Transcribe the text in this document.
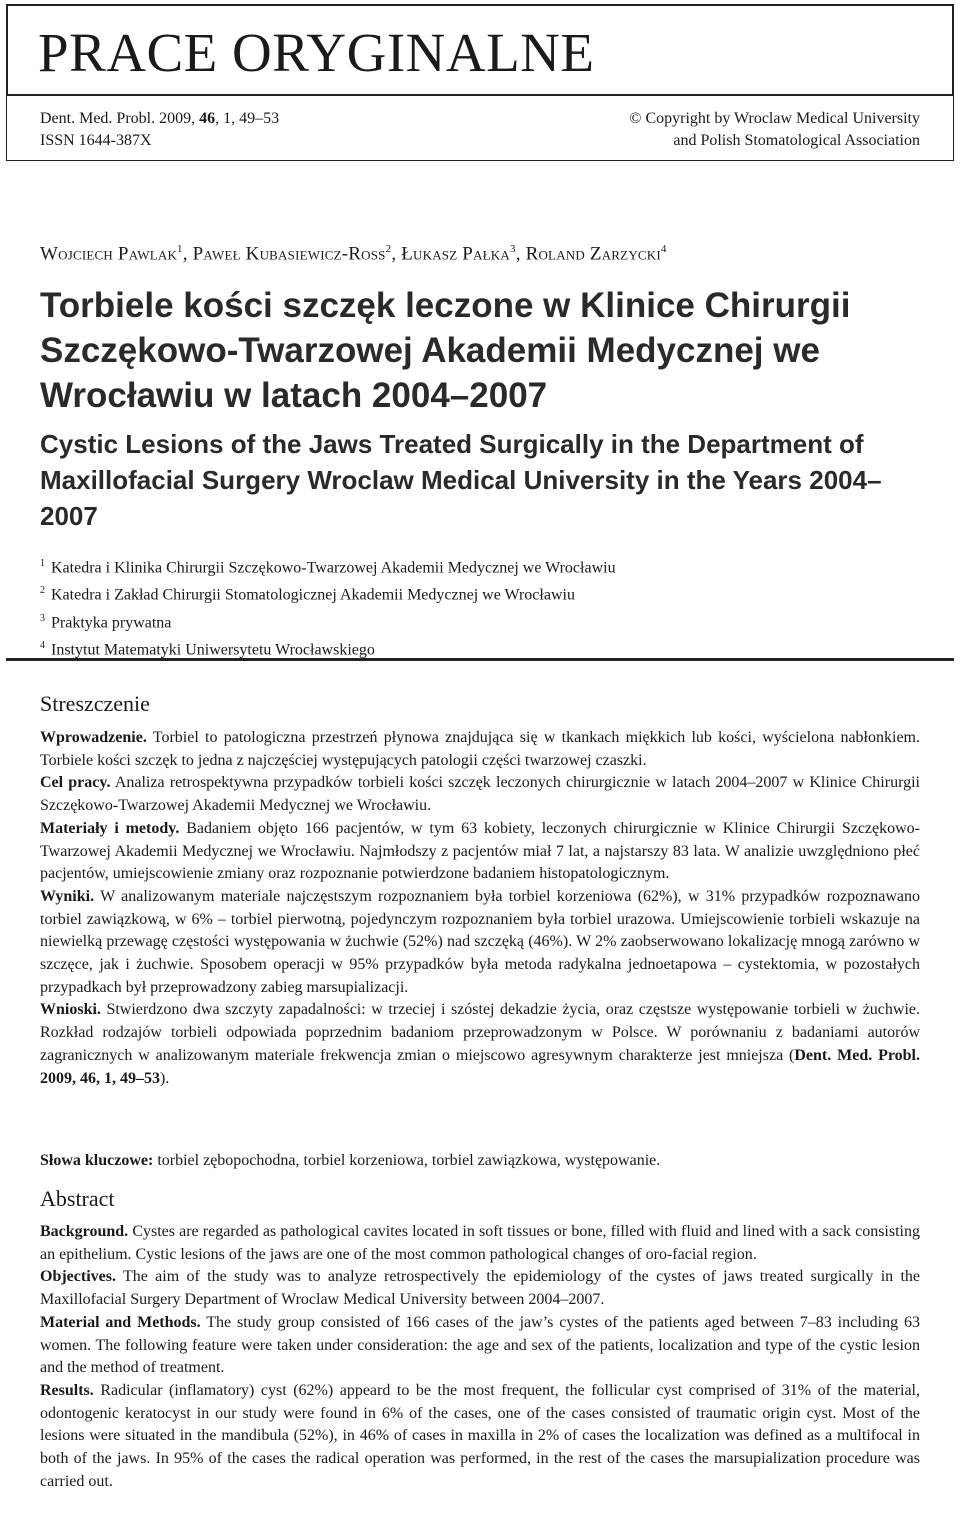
PRACE ORYGINALNE
Dent. Med. Probl. 2009, 46, 1, 49–53
ISSN 1644-387X
© Copyright by Wroclaw Medical University
and Polish Stomatological Association
Wojciech Pawlak$^1$, Paweł Kubasiewicz-Ross$^2$, Łukasz Pałka$^3$, Roland Zarzycki$^4$
Torbiele kości szczęk leczone w Klinice Chirurgii Szczękowo-Twarzowej Akademii Medycznej we Wrocławiu w latach 2004–2007
Cystic Lesions of the Jaws Treated Surgically in the Department of Maxillofacial Surgery Wroclaw Medical University in the Years 2004–2007
$^1$ Katedra i Klinika Chirurgii Szczękowo-Twarzowej Akademii Medycznej we Wrocławiu
$^2$ Katedra i Zakład Chirurgii Stomatologicznej Akademii Medycznej we Wrocławiu
$^3$ Praktyka prywatna
$^4$ Instytut Matematyki Uniwersytetu Wrocławskiego
Streszczenie

Wprowadzenie. Torbiel to patologiczna przestrzeń płynowa znajdująca się w tkankach miękkich lub kości, wyścielona nabłonkiem. Torbiele kości szczęk to jedna z najczęściej występujących patologii części twarzowej czaszki.

Cel pracy. Analiza retrospektywna przypadków torbieli kości szczęk leczonych chirurgicznie w latach 2004–2007 w Klinice Chirurgii Szczękowo-Twarzowej Akademii Medycznej we Wrocławiu.

Materiały i metody. Badaniem objęto 166 pacjentów, w tym 63 kobiety, leczonych chirurgicznie w Klinice Chirurgii Szczękowo-Twarzowej Akademii Medycznej we Wrocławiu. Najmłodszy z pacjentów miał 7 lat, a najstarszy 83 lata. W analizie uwzględniono płeć pacjentów, umiejscowienie zmiany oraz rozpoznanie potwierdzone badaniem histopatologicznym.

Wyniki. W analizowanym materiale najczęstszym rozpoznaniem była torbiel korzeniowa (62%), w 31% przypadków rozpoznawano torbiel zawiązkową, w 6% – torbiel pierwotną, pojedynczym rozpoznaniem była torbiel urazowa. Umiejscowienie torbieli wskazuje na niewielką przewagę częstości występowania w żuchwie (52%) nad szczęką (46%). W 2% zaobserwowano lokalizację mnogą zarówno w szczęce, jak i żuchwie. Sposobem operacji w 95% przypadków była metoda radykalna jednoetapowa – cystektomia, w pozostałych przypadkach był przeprowadzony zabieg marsupializacji.

Wnioski. Stwierdzono dwa szczyty zapadalności: w trzeciej i szóstej dekadzie życia, oraz częstsze występowanie torbieli w żuchwie. Rozkład rodzajów torbieli odpowiada poprzednim badaniom przeprowadzonym w Polsce. W porównaniu z badaniami autorów zagranicznych w analizowanym materiale frekwencja zmian o miejscowo agresywnym charakterze jest mniejsza (Dent. Med. Probl. 2009, 46, 1, 49–53).

Słowa kluczowe: torbiel zębopochodna, torbiel korzeniowa, torbiel zawiązkowa, występowanie.

Abstract

Background. Cystes are regarded as pathological cavites located in soft tissues or bone, filled with fluid and lined with a sack consisting an epithelium. Cystic lesions of the jaws are one of the most common pathological changes of oro-facial region.

Objectives. The aim of the study was to analyze retrospectively the epidemiology of the cystes of jaws treated surgically in the Maxillofacial Surgery Department of Wroclaw Medical University between 2004–2007.

Material and Methods. The study group consisted of 166 cases of the jaw’s cystes of the patients aged between 7–83 including 63 women. The following feature were taken under consideration: the age and sex of the patients, localization and type of the cystic lesion and the method of treatment.

Results. Radicular (inflamatory) cyst (62%) appeard to be the most frequent, the follicular cyst comprised of 31% of the material, odontogenic keratocyst in our study were found in 6% of the cases, one of the cases consisted of traumatic origin cyst. Most of the lesions were situated in the mandibula (52%), in 46% of cases in maxilla in 2% of cases the localization was defined as a multifocal in both of the jaws. In 95% of the cases the radical operation was performed, in the rest of the cases the marsupialization procedure was carried out.
